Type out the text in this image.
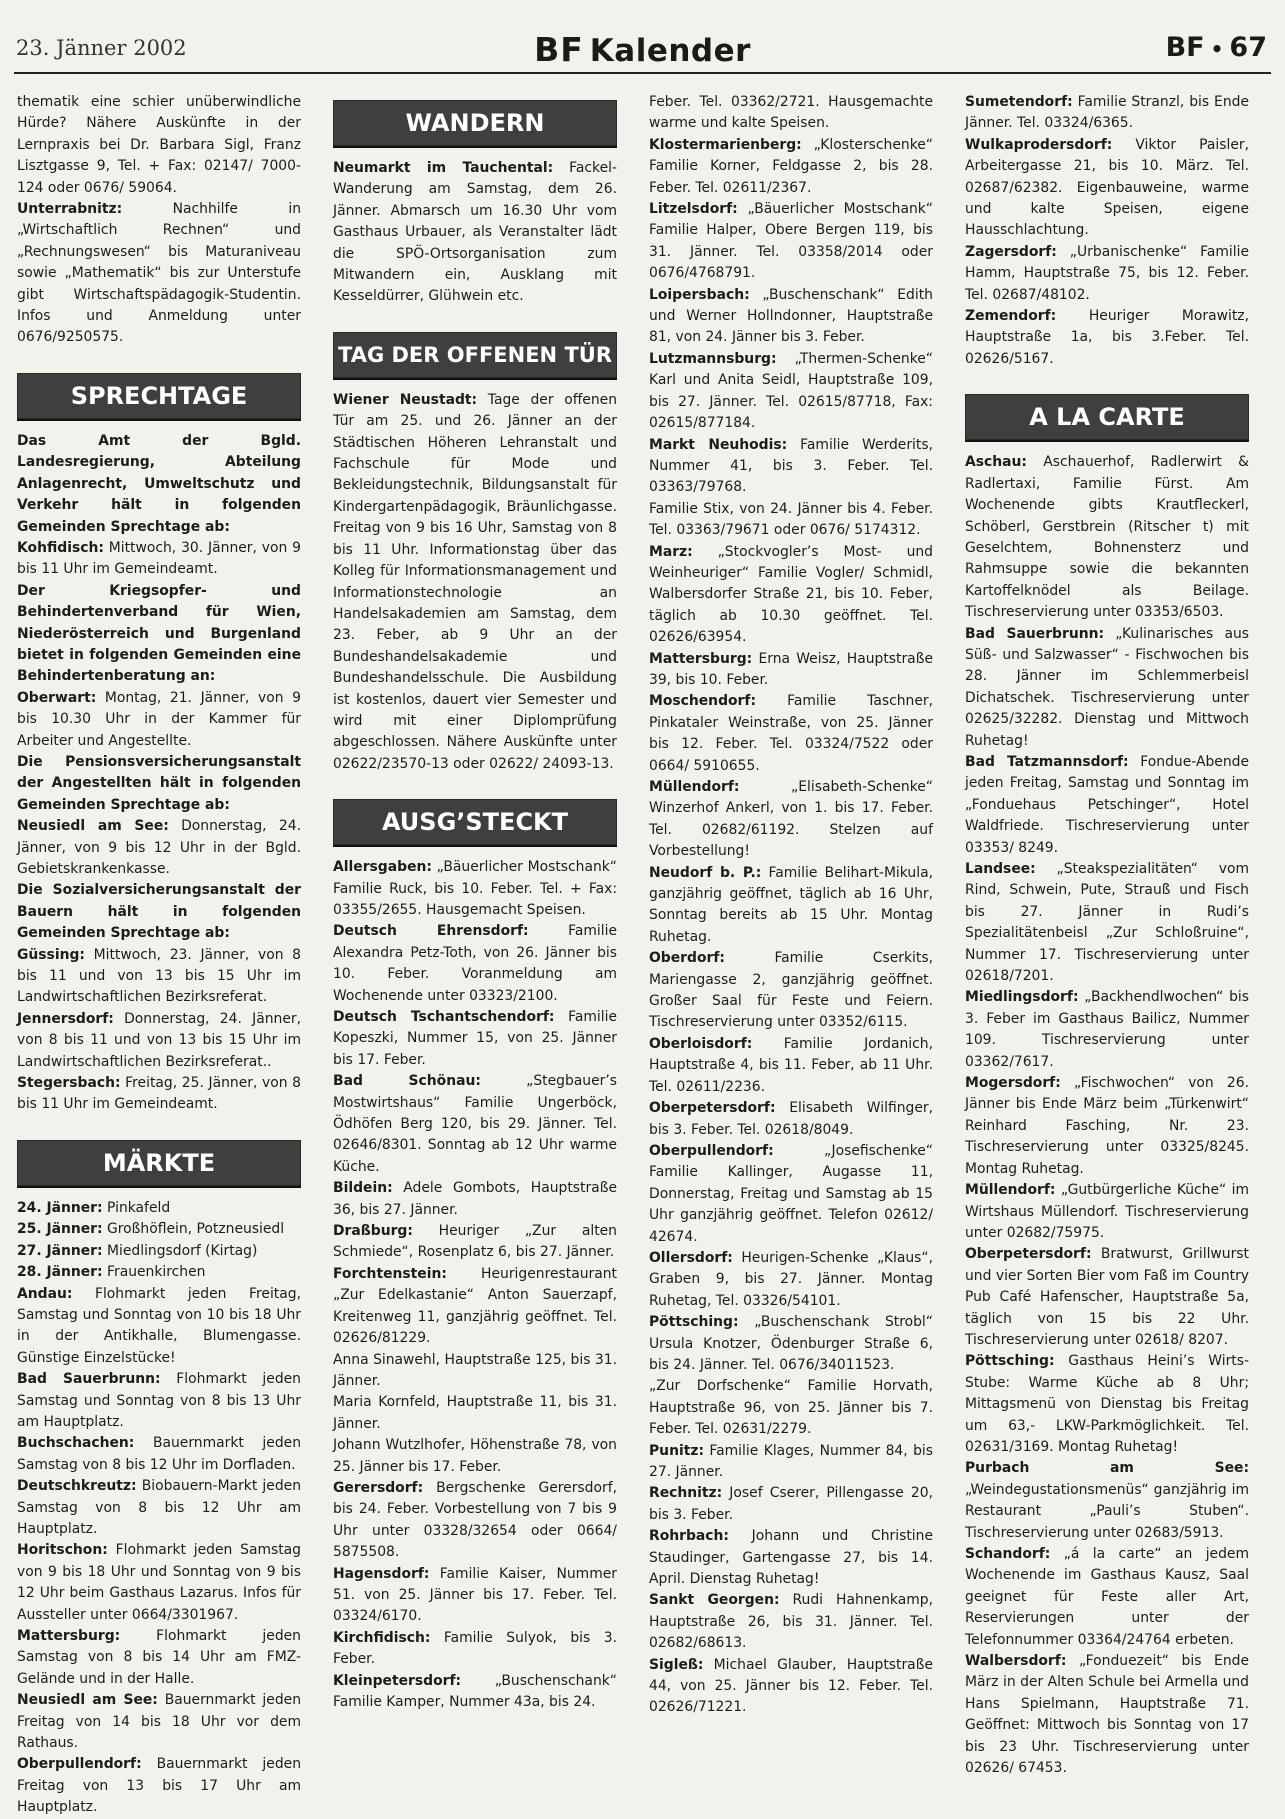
23. Jänner 2002	BF Kalender	BF • 67

thematik eine schier unüberwindliche Hürde? Nähere Auskünfte in der Lernpraxis bei Dr. Barbara Sigl, Franz Lisztgasse 9, Tel. + Fax: 02147/ 7000-124 oder 0676/ 59064.

Unterrabnitz: Nachhilfe in „Wirtschaftlich Rechnen“ und „Rechnungswesen“ bis Maturaniveau sowie „Mathematik“ bis zur Unterstufe gibt Wirtschaftspädagogik-Studentin. Infos und Anmeldung unter 0676/9250575.

SPRECHTAGE

Das Amt der Bgld. Landesregierung, Abteilung Anlagenrecht, Umweltschutz und Verkehr hält in folgenden Gemeinden Sprechtage ab:

Kohfidisch: Mittwoch, 30. Jänner, von 9 bis 11 Uhr im Gemeindeamt.

Der Kriegsopfer- und Behindertenverband für Wien, Niederösterreich und Burgenland bietet in folgenden Gemeinden eine Behindertenberatung an:

Oberwart: Montag, 21. Jänner, von 9 bis 10.30 Uhr in der Kammer für Arbeiter und Angestellte.

Die Pensionsversicherungsanstalt der Angestellten hält in folgenden Gemeinden Sprechtage ab:

Neusiedl am See: Donnerstag, 24. Jänner, von 9 bis 12 Uhr in der Bgld. Gebietskrankenkasse.

Die Sozialversicherungsanstalt der Bauern hält in folgenden Gemeinden Sprechtage ab:

Güssing: Mittwoch, 23. Jänner, von 8 bis 11 und von 13 bis 15 Uhr im Landwirtschaftlichen Bezirksreferat.

Jennersdorf: Donnerstag, 24. Jänner, von 8 bis 11 und von 13 bis 15 Uhr im Landwirtschaftlichen Bezirksreferat..

Stegersbach: Freitag, 25. Jänner, von 8 bis 11 Uhr im Gemeindeamt.

MÄRKTE

24. Jänner: Pinkafeld

25. Jänner: Großhöflein, Potzneusiedl

27. Jänner: Miedlingsdorf (Kirtag)

28. Jänner: Frauenkirchen

Andau: Flohmarkt jeden Freitag, Samstag und Sonntag von 10 bis 18 Uhr in der Antikhalle, Blumengasse. Günstige Einzelstücke!

Bad Sauerbrunn: Flohmarkt jeden Samstag und Sonntag von 8 bis 13 Uhr am Hauptplatz.

Buchschachen: Bauernmarkt jeden Samstag von 8 bis 12 Uhr im Dorfladen.

Deutschkreutz: Biobauern-Markt jeden Samstag von 8 bis 12 Uhr am Hauptplatz.

Horitschon: Flohmarkt jeden Samstag von 9 bis 18 Uhr und Sonntag von 9 bis 12 Uhr beim Gasthaus Lazarus. Infos für Aussteller unter 0664/3301967.

Mattersburg: Flohmarkt jeden Samstag von 8 bis 14 Uhr am FMZ-Gelände und in der Halle.

Neusiedl am See: Bauernmarkt jeden Freitag von 14 bis 18 Uhr vor dem Rathaus.

Oberpullendorf: Bauernmarkt jeden Freitag von 13 bis 17 Uhr am Hauptplatz.

WANDERN

Neumarkt im Tauchental: Fackel-Wanderung am Samstag, dem 26. Jänner. Abmarsch um 16.30 Uhr vom Gasthaus Urbauer, als Veranstalter lädt die SPÖ-Ortsorganisation zum Mitwandern ein, Ausklang mit Kesseldürrer, Glühwein etc.

TAG DER OFFENEN TÜR

Wiener Neustadt: Tage der offenen Tür am 25. und 26. Jänner an der Städtischen Höheren Lehranstalt und Fachschule für Mode und Bekleidungstechnik, Bildungsanstalt für Kindergartenpädagogik, Bräunlichgasse. Freitag von 9 bis 16 Uhr, Samstag von 8 bis 11 Uhr. Informationstag über das Kolleg für Informationsmanagement und Informationstechnologie an Handelsakademien am Samstag, dem 23. Feber, ab 9 Uhr an der Bundeshandelsakademie und Bundeshandelsschule. Die Ausbildung ist kostenlos, dauert vier Semester und wird mit einer Diplomprüfung abgeschlossen. Nähere Auskünfte unter 02622/23570-13 oder 02622/ 24093-13.

AUSG’STECKT

Allersgaben: „Bäuerlicher Mostschank“ Familie Ruck, bis 10. Feber. Tel. + Fax: 03355/2655. Hausgemacht Speisen.

Deutsch Ehrensdorf: Familie Alexandra Petz-Toth, von 26. Jänner bis 10. Feber. Voranmeldung am Wochenende unter 03323/2100.

Deutsch Tschantschendorf: Familie Kopeszki, Nummer 15, von 25. Jänner bis 17. Feber.

Bad Schönau: „Stegbauer’s Mostwirtshaus“ Familie Ungerböck, Ödhöfen Berg 120, bis 29. Jänner. Tel. 02646/8301. Sonntag ab 12 Uhr warme Küche.

Bildein: Adele Gombots, Hauptstraße 36, bis 27. Jänner.

Draßburg: Heuriger „Zur alten Schmiede“, Rosenplatz 6, bis 27. Jänner.

Forchtenstein: Heurigenrestaurant „Zur Edelkastanie“ Anton Sauerzapf, Kreitenweg 11, ganzjährig geöffnet. Tel. 02626/81229.

Anna Sinawehl, Hauptstraße 125, bis 31. Jänner.

Maria Kornfeld, Hauptstraße 11, bis 31. Jänner.

Johann Wutzlhofer, Höhenstraße 78, von 25. Jänner bis 17. Feber.

Gerersdorf: Bergschenke Gerersdorf, bis 24. Feber. Vorbestellung von 7 bis 9 Uhr unter 03328/32654 oder 0664/ 5875508.

Hagensdorf: Familie Kaiser, Nummer 51. von 25. Jänner bis 17. Feber. Tel. 03324/6170.

Kirchfidisch: Familie Sulyok, bis 3. Feber.

Kleinpetersdorf: „Buschenschank“ Familie Kamper, Nummer 43a, bis 24.

Feber. Tel. 03362/2721. Hausgemachte warme und kalte Speisen.

Klostermarienberg: „Klosterschenke“ Familie Korner, Feldgasse 2, bis 28. Feber. Tel. 02611/2367.

Litzelsdorf: „Bäuerlicher Mostschank“ Familie Halper, Obere Bergen 119, bis 31. Jänner. Tel. 03358/2014 oder 0676/4768791.

Loipersbach: „Buschenschank“ Edith und Werner Hollndonner, Hauptstraße 81, von 24. Jänner bis 3. Feber.

Lutzmannsburg: „Thermen-Schenke“ Karl und Anita Seidl, Hauptstraße 109, bis 27. Jänner. Tel. 02615/87718, Fax: 02615/877184.

Markt Neuhodis: Familie Werderits, Nummer 41, bis 3. Feber. Tel. 03363/79768.

Familie Stix, von 24. Jänner bis 4. Feber. Tel. 03363/79671 oder 0676/ 5174312.

Marz: „Stockvogler’s Most- und Weinheuriger“ Familie Vogler/ Schmidl, Walbersdorfer Straße 21, bis 10. Feber, täglich ab 10.30 geöffnet. Tel. 02626/63954.

Mattersburg: Erna Weisz, Hauptstraße 39, bis 10. Feber.

Moschendorf: Familie Taschner, Pinkataler Weinstraße, von 25. Jänner bis 12. Feber. Tel. 03324/7522 oder 0664/ 5910655.

Müllendorf: „Elisabeth-Schenke“ Winzerhof Ankerl, von 1. bis 17. Feber. Tel. 02682/61192. Stelzen auf Vorbestellung!

Neudorf b. P.: Familie Belihart-Mikula, ganzjährig geöffnet, täglich ab 16 Uhr, Sonntag bereits ab 15 Uhr. Montag Ruhetag.

Oberdorf: Familie Cserkits, Mariengasse 2, ganzjährig geöffnet. Großer Saal für Feste und Feiern. Tischreservierung unter 03352/6115.

Oberloisdorf: Familie Jordanich, Hauptstraße 4, bis 11. Feber, ab 11 Uhr. Tel. 02611/2236.

Oberpetersdorf: Elisabeth Wilfinger, bis 3. Feber. Tel. 02618/8049.

Oberpullendorf: „Josefischenke“ Familie Kallinger, Augasse 11, Donnerstag, Freitag und Samstag ab 15 Uhr ganzjährig geöffnet. Telefon 02612/ 42674.

Ollersdorf: Heurigen-Schenke „Klaus“, Graben 9, bis 27. Jänner. Montag Ruhetag, Tel. 03326/54101.

Pöttsching: „Buschenschank Strobl“ Ursula Knotzer, Ödenburger Straße 6, bis 24. Jänner. Tel. 0676/34011523.

„Zur Dorfschenke“ Familie Horvath, Hauptstraße 96, von 25. Jänner bis 7. Feber. Tel. 02631/2279.

Punitz: Familie Klages, Nummer 84, bis 27. Jänner.

Rechnitz: Josef Cserer, Pillengasse 20, bis 3. Feber.

Rohrbach: Johann und Christine Staudinger, Gartengasse 27, bis 14. April. Dienstag Ruhetag!

Sankt Georgen: Rudi Hahnenkamp, Hauptstraße 26, bis 31. Jänner. Tel. 02682/68613.

Sigleß: Michael Glauber, Hauptstraße 44, von 25. Jänner bis 12. Feber. Tel. 02626/71221.

Sumetendorf: Familie Stranzl, bis Ende Jänner. Tel. 03324/6365.

Wulkaprodersdorf: Viktor Paisler, Arbeitergasse 21, bis 10. März. Tel. 02687/62382. Eigenbauweine, warme und kalte Speisen, eigene Hausschlachtung.

Zagersdorf: „Urbanischenke“ Familie Hamm, Hauptstraße 75, bis 12. Feber. Tel. 02687/48102.

Zemendorf: Heuriger Morawitz, Hauptstraße 1a, bis 3.Feber. Tel. 02626/5167.

A LA CARTE

Aschau: Aschauerhof, Radlerwirt & Radlertaxi, Familie Fürst. Am Wochenende gibts Krautfleckerl, Schöberl, Gerstbrein (Ritscher t) mit Geselchtem, Bohnensterz und Rahmsuppe sowie die bekannten Kartoffelknödel als Beilage. Tischreservierung unter 03353/6503.

Bad Sauerbrunn: „Kulinarisches aus Süß- und Salzwasser“ - Fischwochen bis 28. Jänner im Schlemmerbeisl Dichatschek. Tischreservierung unter 02625/32282. Dienstag und Mittwoch Ruhetag!

Bad Tatzmannsdorf: Fondue-Abende jeden Freitag, Samstag und Sonntag im „Fonduehaus Petschinger“, Hotel Waldfriede. Tischreservierung unter 03353/ 8249.

Landsee: „Steakspezialitäten“ vom Rind, Schwein, Pute, Strauß und Fisch bis 27. Jänner in Rudi’s Spezialitätenbeisl „Zur Schloßruine“, Nummer 17. Tischreservierung unter 02618/7201.

Miedlingsdorf: „Backhendlwochen“ bis 3. Feber im Gasthaus Bailicz, Nummer 109. Tischreservierung unter 03362/7617.

Mogersdorf: „Fischwochen“ von 26. Jänner bis Ende März beim „Türkenwirt“ Reinhard Fasching, Nr. 23. Tischreservierung unter 03325/8245. Montag Ruhetag.

Müllendorf: „Gutbürgerliche Küche“ im Wirtshaus Müllendorf. Tischreservierung unter 02682/75975.

Oberpetersdorf: Bratwurst, Grillwurst und vier Sorten Bier vom Faß im Country Pub Café Hafenscher, Hauptstraße 5a, täglich von 15 bis 22 Uhr. Tischreservierung unter 02618/ 8207.

Pöttsching: Gasthaus Heini’s Wirts-Stube: Warme Küche ab 8 Uhr; Mittagsmenü von Dienstag bis Freitag um 63,- LKW-Parkmöglichkeit. Tel. 02631/3169. Montag Ruhetag!

Purbach am See: „Weindegustationsmenüs“ ganzjährig im Restaurant „Pauli’s Stuben“. Tischreservierung unter 02683/5913.

Schandorf: „á la carte“ an jedem Wochenende im Gasthaus Kausz, Saal geeignet für Feste aller Art, Reservierungen unter der Telefonnummer 03364/24764 erbeten.

Walbersdorf: „Fonduezeit“ bis Ende März in der Alten Schule bei Armella und Hans Spielmann, Hauptstraße 71. Geöffnet: Mittwoch bis Sonntag von 17 bis 23 Uhr. Tischreservierung unter 02626/ 67453.
